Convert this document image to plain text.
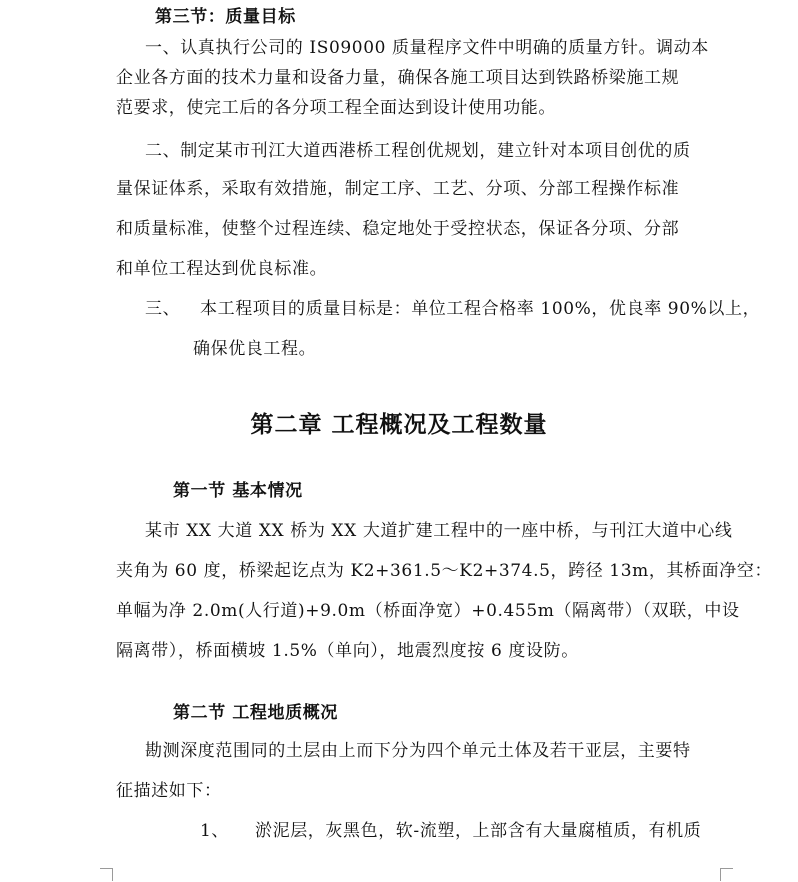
第三节：质量目标
一、认真执行公司的 IS09000 质量程序文件中明确的质量方针。调动本
企业各方面的技术力量和设备力量，确保各施工项目达到铁路桥梁施工规
范要求，使完工后的各分项工程全面达到设计使用功能。
二、制定某市刊江大道西港桥工程创优规划，建立针对本项目创优的质
量保证体系，采取有效措施，制定工序、工艺、分项、分部工程操作标准
和质量标准，使整个过程连续、稳定地处于受控状态，保证各分项、分部
和单位工程达到优良标准。
三、	本工程项目的质量目标是：单位工程合格率 100%，优良率 90%以上，
确保优良工程。
第二章 工程概况及工程数量
第一节 基本情况
某市 XX 大道 XX 桥为 XX 大道扩建工程中的一座中桥，与刊江大道中心线
夹角为 60 度，桥梁起讫点为 K2+361.5～K2+374.5，跨径 13m，其桥面净空：
单幅为净 2.0m(人行道)+9.0m（桥面净宽）+0.455m（隔离带）（双联，中设
隔离带），桥面横坡 1.5%（单向），地震烈度按 6 度设防。
第二节 工程地质概况
勘测深度范围同的土层由上而下分为四个单元土体及若干亚层，主要特
征描述如下：
1、	淤泥层，灰黑色，软-流塑，上部含有大量腐植质，有机质
